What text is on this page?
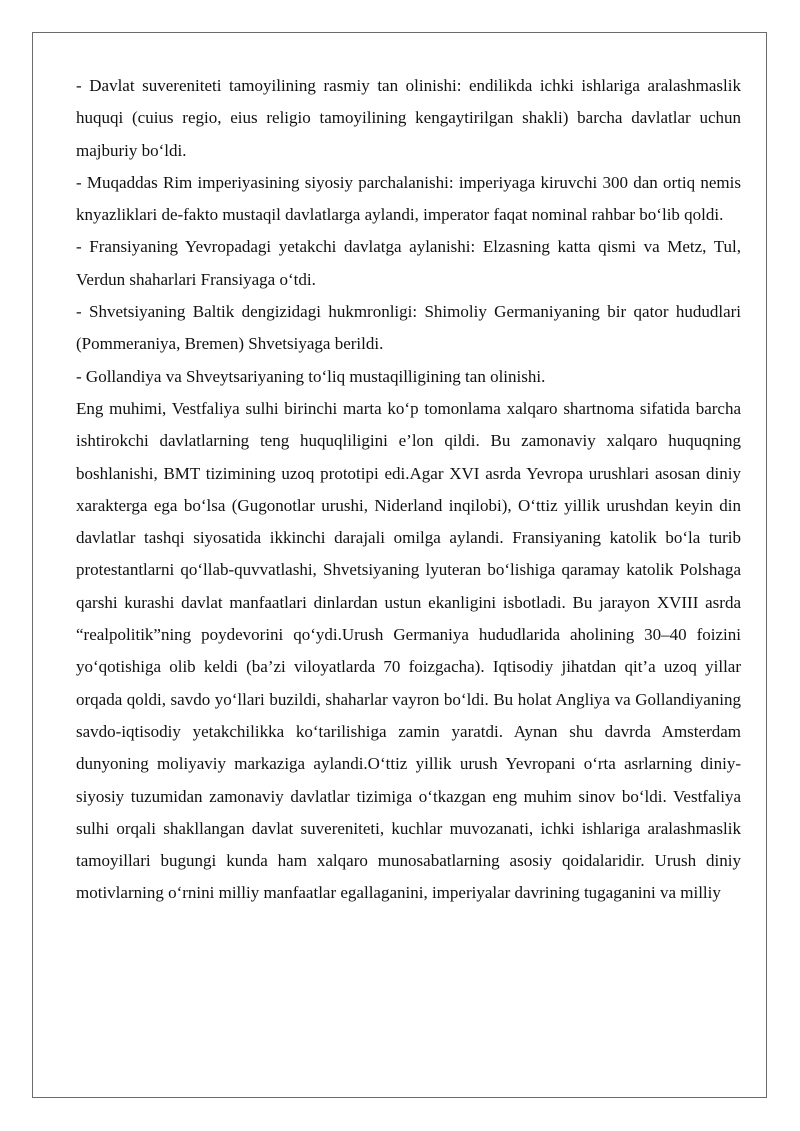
- Davlat suvereniteti tamoyilining rasmiy tan olinishi: endilikda ichki ishlariga aralashmaslik huquqi (cuius regio, eius religio tamoyilining kengaytirilgan shakli) barcha davlatlar uchun majburiy bo‘ldi.

- Muqaddas Rim imperiyasining siyosiy parchalanishi: imperiyaga kiruvchi 300 dan ortiq nemis knyazliklari de-fakto mustaqil davlatlarga aylandi, imperator faqat nominal rahbar bo‘lib qoldi.

- Fransiyaning Yevropadagi yetakchi davlatga aylanishi: Elzasning katta qismi va Metz, Tul, Verdun shaharlari Fransiyaga o‘tdi.

- Shvetsiyaning Baltik dengizidagi hukmronligi: Shimoliy Germaniyaning bir qator hududlari (Pommeraniya, Bremen) Shvetsiyaga berildi.

- Gollandiya va Shveytsariyaning to‘liq mustaqilligining tan olinishi.

Eng muhimi, Vestfaliya sulhi birinchi marta ko‘p tomonlama xalqaro shartnoma sifatida barcha ishtirokchi davlatlarning teng huquqliligini e’lon qildi. Bu zamonaviy xalqaro huquqning boshlanishi, BMT tizimining uzoq prototipi edi.Agar XVI asrda Yevropa urushlari asosan diniy xarakterga ega bo‘lsa (Gugonotlar urushi, Niderland inqilobi), O‘ttiz yillik urushdan keyin din davlatlar tashqi siyosatida ikkinchi darajali omilga aylandi. Fransiyaning katolik bo‘la turib protestantlarni qo‘llab-quvvatlashi, Shvetsiyaning lyuteran bo‘lishiga qaramay katolik Polshaga qarshi kurashi davlat manfaatlari dinlardan ustun ekanligini isbotladi. Bu jarayon XVIII asrda “realpolitik”ning poydevorini qo‘ydi.Urush Germaniya hududlarida aholining 30–40 foizini yo‘qotishiga olib keldi (ba’zi viloyatlarda 70 foizgacha). Iqtisodiy jihatdan qit’a uzoq yillar orqada qoldi, savdo yo‘llari buzildi, shaharlar vayron bo‘ldi. Bu holat Angliya va Gollandiyaning savdo-iqtisodiy yetakchilikka ko‘tarilishiga zamin yaratdi. Aynan shu davrda Amsterdam dunyoning moliyaviy markaziga aylandi.O‘ttiz yillik urush Yevropani o‘rta asrlarning diniy-siyosiy tuzumidan zamonaviy davlatlar tizimiga o‘tkazgan eng muhim sinov bo‘ldi. Vestfaliya sulhi orqali shakllangan davlat suvereniteti, kuchlar muvozanati, ichki ishlariga aralashmaslik tamoyillari bugungi kunda ham xalqaro munosabatlarning asosiy qoidalaridir. Urush diniy motivlarning o‘rnini milliy manfaatlar egallaganini, imperiyalar davrining tugaganini va milliy
